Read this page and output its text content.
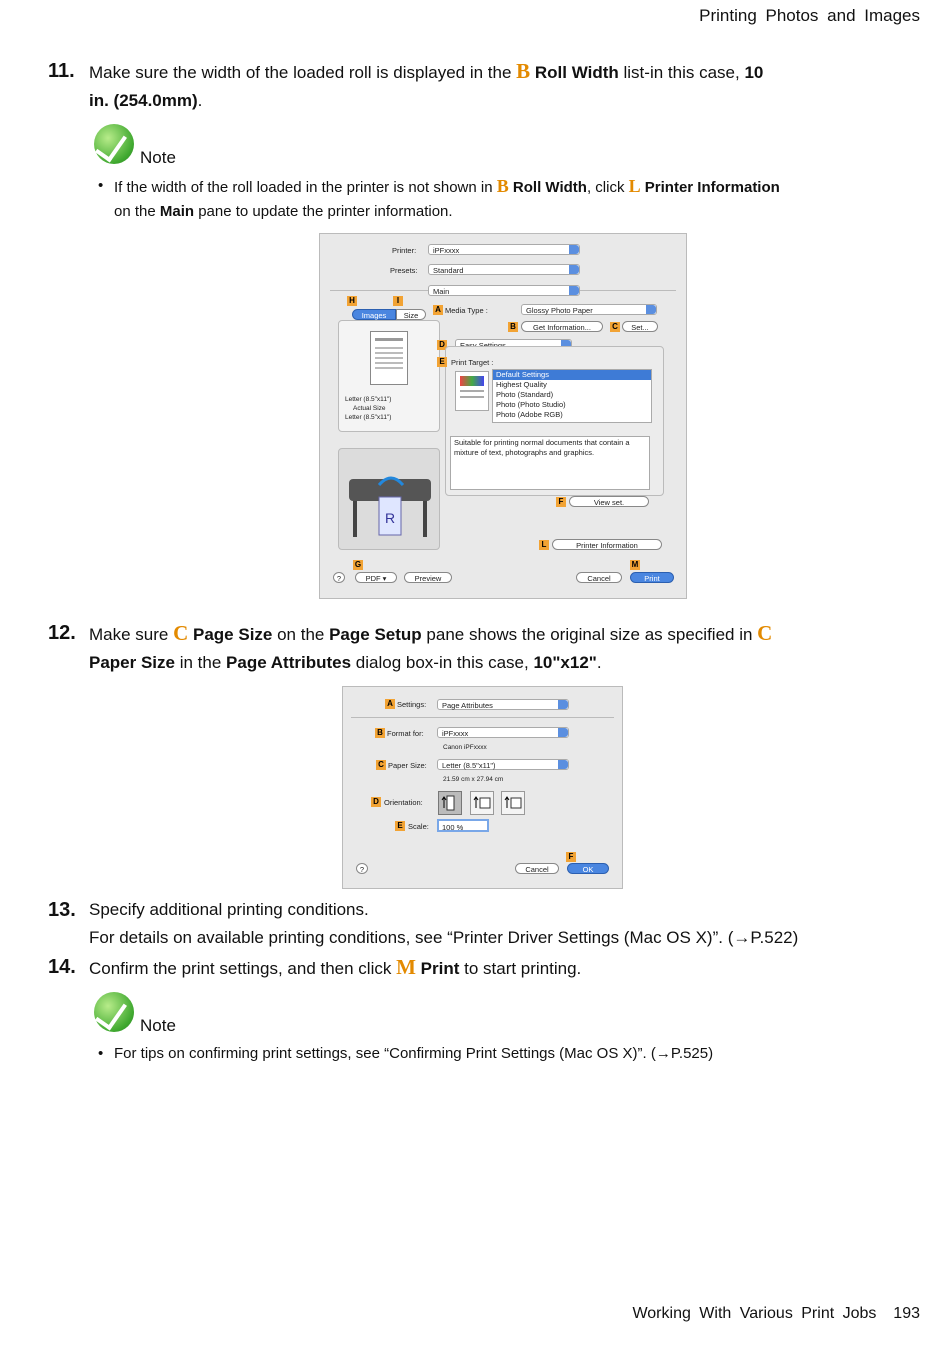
Printing Photos and Images
11. Make sure the width of the loaded roll is displayed in the B Roll Width list-in this case, 10
in. (254.0mm).
Note
• If the width of the roll loaded in the printer is not shown in B Roll Width, click L Printer Information
on the Main pane to update the printer information.
Printer:	iPFxxxx
Presets:	Standard
Main
H	I
Images	Size
Letter (8.5"x11")
Actual Size
Letter (8.5"x11")
R
A Media Type :	Glossy Photo Paper
B	Get Information...	C	Set...
D
E Print Target :
Default Settings
Highest Quality
Photo (Standard)
Photo (Photo Studio)
Photo (Adobe RGB)
Suitable for printing normal documents that contain a mixture of text, photographs and graphics.
F	View set.
L	Printer Information
G	M
?	PDF ▾	Preview	Cancel	Print
12. Make sure C Page Size on the Page Setup pane shows the original size as specified in C
Paper Size in the Page Attributes dialog box-in this case, 10"x12".
A Settings:	Page Attributes
B Format for:	iPFxxxx
Canon iPFxxxx
C Paper Size:	Letter (8.5"x11")
21.59 cm x 27.94 cm
D Orientation:
E Scale:	100 %
F
?	Cancel	OK
13. Specify additional printing conditions.
For details on available printing conditions, see “Printer Driver Settings (Mac OS X)”. (→P.522)
14. Confirm the print settings, and then click M Print to start printing.
Note
• For tips on confirming print settings, see “Confirming Print Settings (Mac OS X)”. (→P.525)
Working With Various Print Jobs 193
